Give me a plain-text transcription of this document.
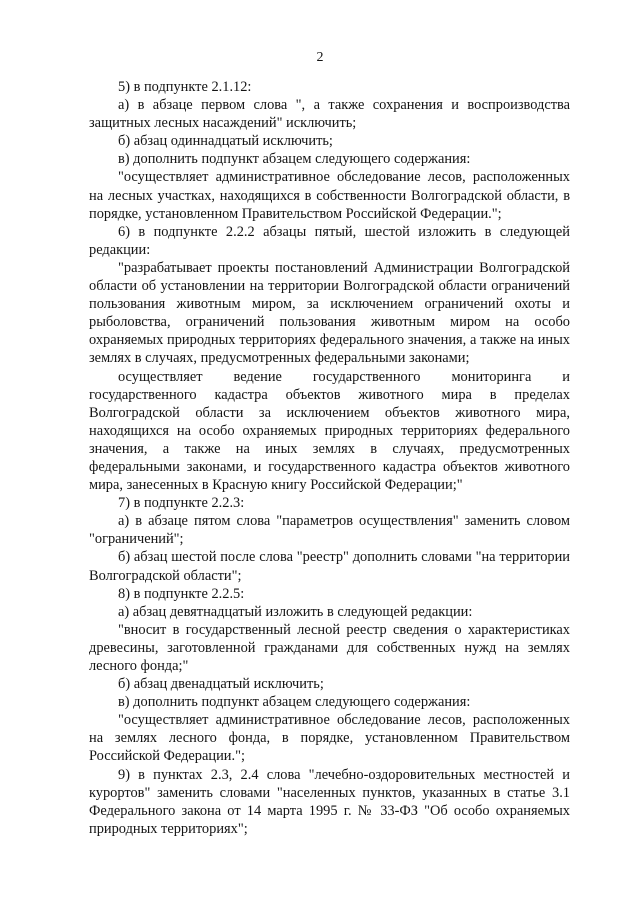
2

5) в подпункте 2.1.12:

а) в абзаце первом слова ", а также сохранения и воспроизводства защитных лесных насаждений" исключить;

б) абзац одиннадцатый исключить;

в) дополнить подпункт абзацем следующего содержания:

"осуществляет административное обследование лесов, расположенных на лесных участках, находящихся в собственности Волгоградской области, в порядке, установленном Правительством Российской Федерации.";

6) в подпункте 2.2.2 абзацы пятый, шестой изложить в следующей редакции:

"разрабатывает проекты постановлений Администрации Волгоградской области об установлении на территории Волгоградской области ограничений пользования животным миром, за исключением ограничений охоты и рыболовства, ограничений пользования животным миром на особо охраняемых природных территориях федерального значения, а также на иных землях в случаях, предусмотренных федеральными законами;

осуществляет ведение государственного мониторинга и государственного кадастра объектов животного мира в пределах Волгоградской области за исключением объектов животного мира, находящихся на особо охраняемых природных территориях федерального значения, а также на иных землях в случаях, предусмотренных федеральными законами, и государственного кадастра объектов животного мира, занесенных в Красную книгу Российской Федерации;"

7) в подпункте 2.2.3:

а) в абзаце пятом слова "параметров осуществления" заменить словом "ограничений";

б) абзац шестой после слова "реестр" дополнить словами "на территории Волгоградской области";

8) в подпункте 2.2.5:

а) абзац девятнадцатый изложить в следующей редакции:

"вносит в государственный лесной реестр сведения о характеристиках древесины, заготовленной гражданами для собственных нужд на землях лесного фонда;"

б) абзац двенадцатый исключить;

в) дополнить подпункт абзацем следующего содержания:

"осуществляет административное обследование лесов, расположенных на землях лесного фонда, в порядке, установленном Правительством Российской Федерации.";

9) в пунктах 2.3, 2.4 слова "лечебно-оздоровительных местностей и курортов" заменить словами "населенных пунктов, указанных в статье 3.1 Федерального закона от 14 марта 1995 г. № 33-ФЗ "Об особо охраняемых природных территориях";
